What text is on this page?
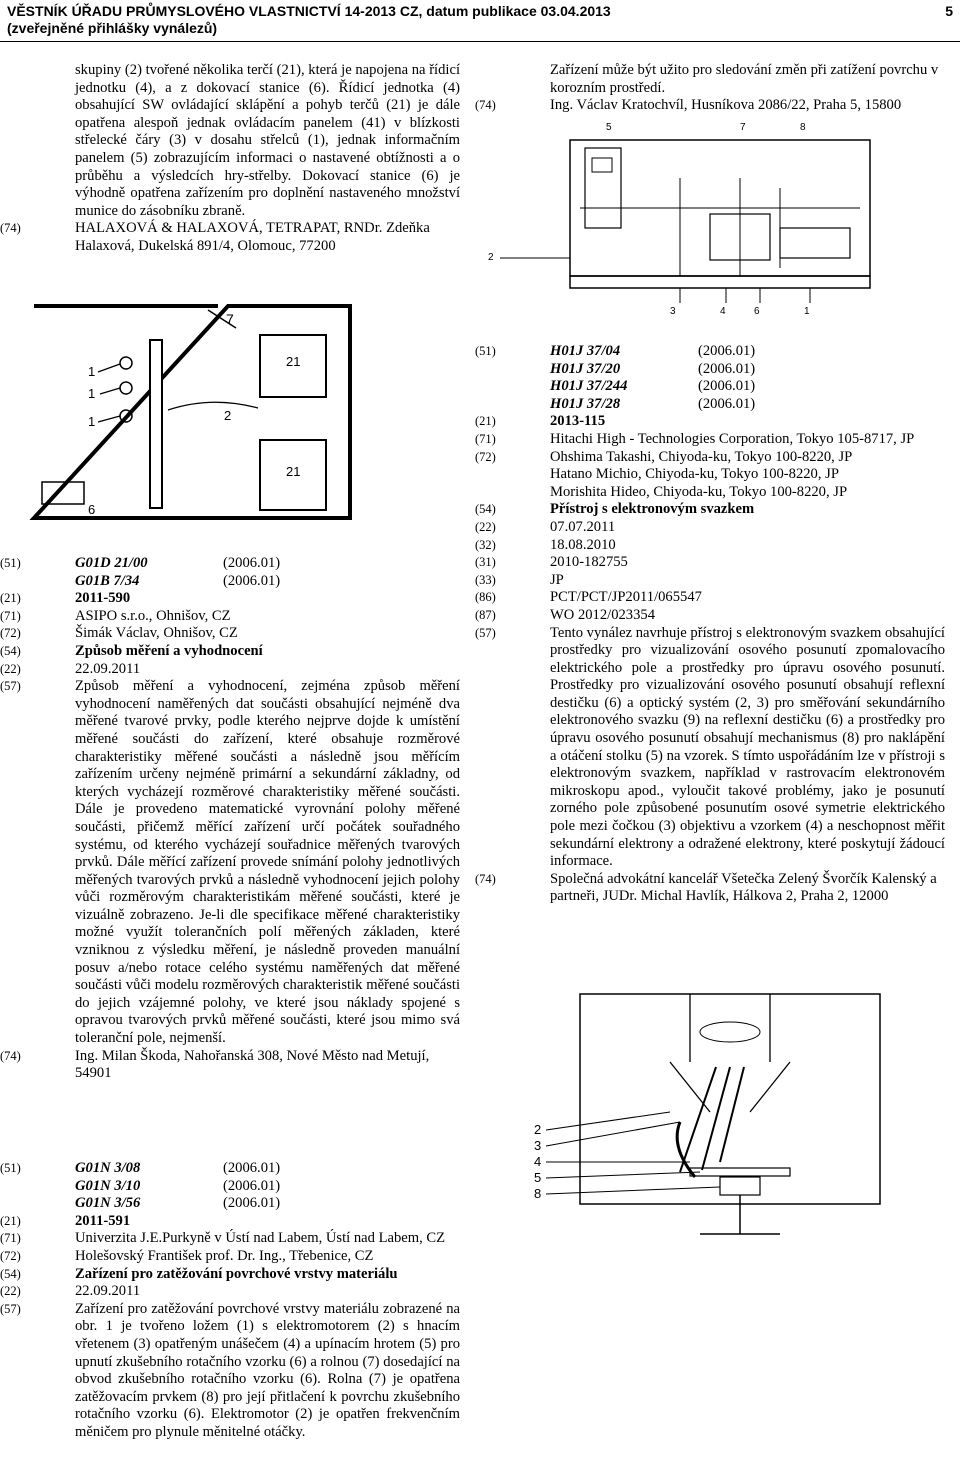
VĚSTNÍK ÚŘADU PRŮMYSLOVÉHO VLASTNICTVÍ 14-2013 CZ, datum publikace 03.04.2013
(zveřejněné přihlášky vynálezů)
5
skupiny (2) tvořené několika terčí (21), která je napojena na řídicí jednotku (4), a z dokovací stanice (6). Řídicí jednotka (4) obsahující SW ovládající sklápění a pohyb terčů (21) je dále opatřena alespoň jednak ovládacím panelem (41) v blízkosti střelecké čáry (3) v dosahu střelců (1), jednak informačním panelem (5) zobrazujícím informaci o nastavené obtížnosti a o průběhu a výsledcích hry-střelby. Dokovací stanice (6) je výhodně opatřena zařízením pro doplnění nastaveného množství munice do zásobníku zbraně.
(74)	HALAXOVÁ & HALAXOVÁ, TETRAPAT, RNDr. Zdeňka Halaxová, Dukelská 891/4, Olomouc, 77200
7
1
1
1
21
2
21
6
(51)	G01D 21/00	(2006.01)
G01B 7/34	(2006.01)
(21)	2011-590
(71)	ASIPO s.r.o., Ohnišov, CZ
(72)	Šimák Václav, Ohnišov, CZ
(54)	Způsob měření a vyhodnocení
(22)	22.09.2011
(57)	Způsob měření a vyhodnocení, zejména způsob měření vyhodnocení naměřených dat součásti obsahující nejméně dva měřené tvarové prvky, podle kterého nejprve dojde k umístění měřené součásti do zařízení, které obsahuje rozměrové charakteristiky měřené součásti a následně jsou měřícím zařízením určeny nejméně primární a sekundární základny, od kterých vycházejí rozměrové charakteristiky měřené součásti. Dále je provedeno matematické vyrovnání polohy měřené součásti, přičemž měřící zařízení určí počátek souřadného systému, od kterého vycházejí souřadnice měřených tvarových prvků. Dále měřící zařízení provede snímání polohy jednotlivých měřených tvarových prvků a následně vyhodnocení jejich polohy vůči rozměrovým charakteristikám měřené součásti, které je vizuálně zobrazeno. Je-li dle specifikace měřené charakteristiky možné využít tolerančních polí měřených základen, které vzniknou z výsledku měření, je následně proveden manuální posuv a/nebo rotace celého systému naměřených dat měřené součásti vůči modelu rozměrových charakteristik měřené součásti do jejich vzájemné polohy, ve které jsou náklady spojené s opravou tvarových prvků měřené součásti, které jsou mimo svá toleranční pole, nejmenší.
(74)	Ing. Milan Škoda, Nahořanská 308, Nové Město nad Metují, 54901
(51)	G01N 3/08	(2006.01)
G01N 3/10	(2006.01)
G01N 3/56	(2006.01)
(21)	2011-591
(71)	Univerzita J.E.Purkyně v Ústí nad Labem, Ústí nad Labem, CZ
(72)	Holešovský František prof. Dr. Ing., Třebenice, CZ
(54)	Zařízení pro zatěžování povrchové vrstvy materiálu
(22)	22.09.2011
(57)	Zařízení pro zatěžování povrchové vrstvy materiálu zobrazené na obr. 1 je tvořeno ložem (1) s elektromotorem (2) s hnacím vřetenem (3) opatřeným unášečem (4) a upínacím hrotem (5) pro upnutí zkušebního rotačního vzorku (6) a rolnou (7) dosedající na obvod zkušebního rotačního vzorku (6). Rolna (7) je opatřena zatěžovacím prvkem (8) pro její přitlačení k povrchu zkušebního rotačního vzorku (6). Elektromotor (2) je opatřen frekvenčním měničem pro plynule měnitelné otáčky.
Zařízení může být užito pro sledování změn při zatížení povrchu v korozním prostředí.
(74)	Ing. Václav Kratochvíl, Husníkova 2086/22, Praha 5, 15800
5	7	8
2
3	4	6	1
(51)	H01J 37/04	(2006.01)
H01J 37/20	(2006.01)
H01J 37/244	(2006.01)
H01J 37/28	(2006.01)
(21)	2013-115
(71)	Hitachi High - Technologies Corporation, Tokyo 105-8717, JP
(72)	Ohshima Takashi, Chiyoda-ku, Tokyo 100-8220, JP
Hatano Michio, Chiyoda-ku, Tokyo 100-8220, JP
Morishita Hideo, Chiyoda-ku, Tokyo 100-8220, JP
(54)	Přístroj s elektronovým svazkem
(22)	07.07.2011
(32)	18.08.2010
(31)	2010-182755
(33)	JP
(86)	PCT/PCT/JP2011/065547
(87)	WO 2012/023354
(57)	Tento vynález navrhuje přístroj s elektronovým svazkem obsahující prostředky pro vizualizování osového posunutí zpomalovacího elektrického pole a prostředky pro úpravu osového posunutí. Prostředky pro vizualizování osového posunutí obsahují reflexní destičku (6) a optický systém (2, 3) pro směřování sekundárního elektronového svazku (9) na reflexní destičku (6) a prostředky pro úpravu osového posunutí obsahují mechanismus (8) pro naklápění a otáčení stolku (5) na vzorek. S tímto uspořádáním lze v přístroji s elektronovým svazkem, například v rastrovacím elektronovém mikroskopu apod., vyloučit takové problémy, jako je posunutí zorného pole způsobené posunutím osové symetrie elektrického pole mezi čočkou (3) objektivu a vzorkem (4) a neschopnost měřit sekundární elektrony a odražené elektrony, které poskytují žádoucí informace.
(74)	Společná advokátní kancelář Všetečka Zelený Švorčík Kalenský a partneři, JUDr. Michal Havlík, Hálkova 2, Praha 2, 12000
2
3
4
5
8
